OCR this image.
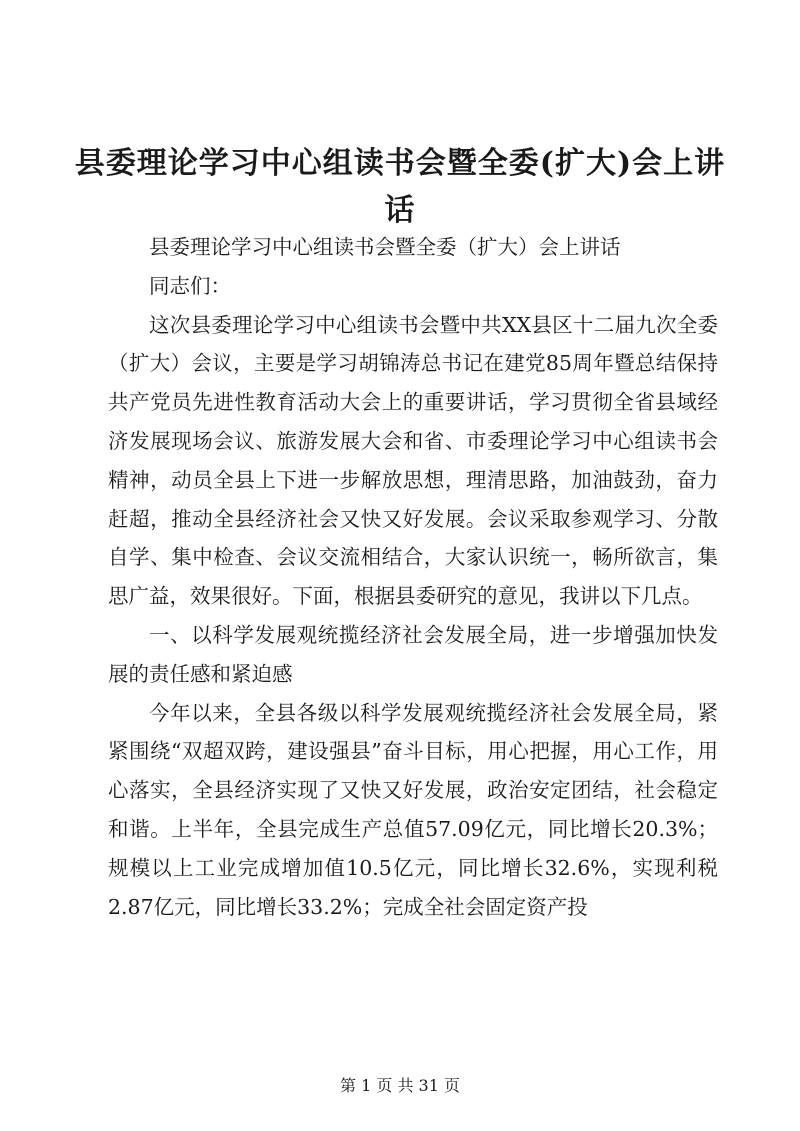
县委理论学习中心组读书会暨全委(扩大)会上讲话

县委理论学习中心组读书会暨全委（扩大）会上讲话

同志们：

这次县委理论学习中心组读书会暨中共XX县区十二届九次全委（扩大）会议，主要是学习胡锦涛总书记在建党85周年暨总结保持共产党员先进性教育活动大会上的重要讲话，学习贯彻全省县域经济发展现场会议、旅游发展大会和省、市委理论学习中心组读书会精神，动员全县上下进一步解放思想，理清思路，加油鼓劲，奋力赶超，推动全县经济社会又快又好发展。会议采取参观学习、分散自学、集中检查、会议交流相结合，大家认识统一，畅所欲言，集思广益，效果很好。下面，根据县委研究的意见，我讲以下几点。

一、以科学发展观统揽经济社会发展全局，进一步增强加快发展的责任感和紧迫感

今年以来，全县各级以科学发展观统揽经济社会发展全局，紧紧围绕“双超双跨，建设强县”奋斗目标，用心把握，用心工作，用心落实，全县经济实现了又快又好发展，政治安定团结，社会稳定和谐。上半年，全县完成生产总值57.09亿元，同比增长20.3%；规模以上工业完成增加值10.5亿元，同比增长32.6%，实现利税2.87亿元，同比增长33.2%；完成全社会固定资产投

第 1 页 共 31 页
